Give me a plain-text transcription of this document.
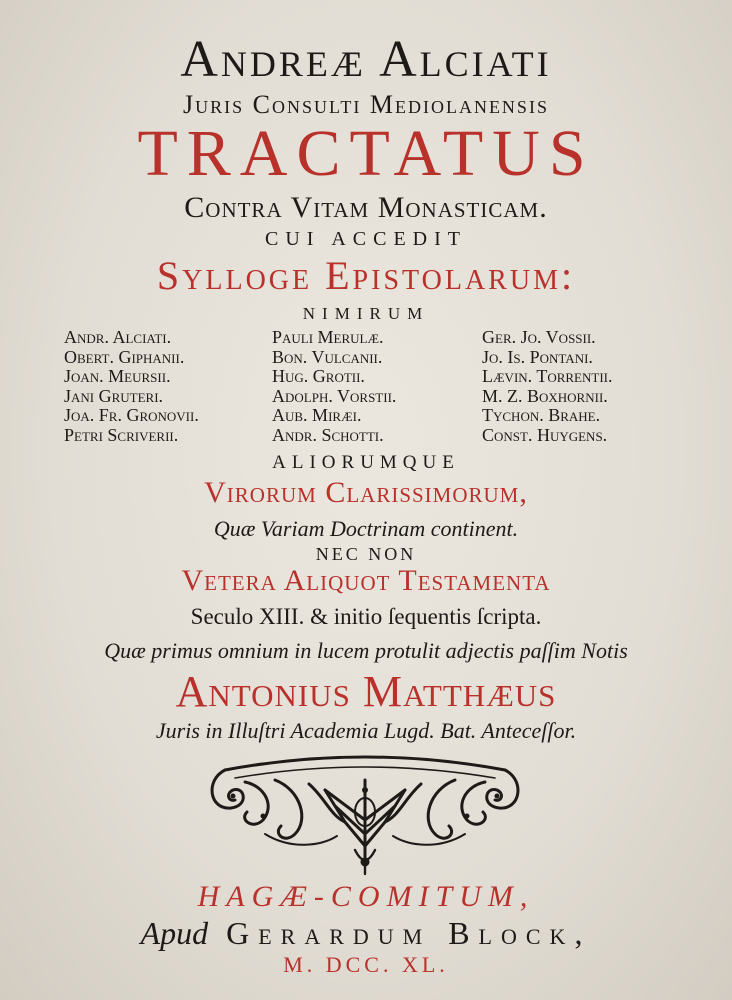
Andreæ Alciati
Juris Consulti Mediolanensis
TRACTATUS
Contra Vitam Monasticam.
CUI ACCEDIT
Sylloge Epistolarum:
NIMIRUM
Andr. Alciati.	Pauli Merulæ.	Ger. Jo. Vossii.
Obert. Giphanii.	Bon. Vulcanii.	Jo. Is. Pontani.
Joan. Meursii.	Hug. Grotii.	Lævin. Torrentii.
Jani Gruteri.	Adolph. Vorstii.	M. Z. Boxhornii.
Joa. Fr. Gronovii.	Aub. Miræi.	Tychon. Brahe.
Petri Scriverii.	Andr. Schotti.	Const. Huygens.
ALIORUMQUE
Virorum Clarissimorum,
Quæ Variam Doctrinam continent.
NEC NON
Vetera Aliquot Testamenta
Seculo XIII. & initio ſequentis ſcripta.
Quæ primus omnium in lucem protulit adjectis paſſim Notis
Antonius Matthæus
Juris in Illuſtri Academia Lugd. Bat. Anteceſſor.
HAGÆ-COMITUM,
Apud Gerardum Block,
M. DCC. XL.
